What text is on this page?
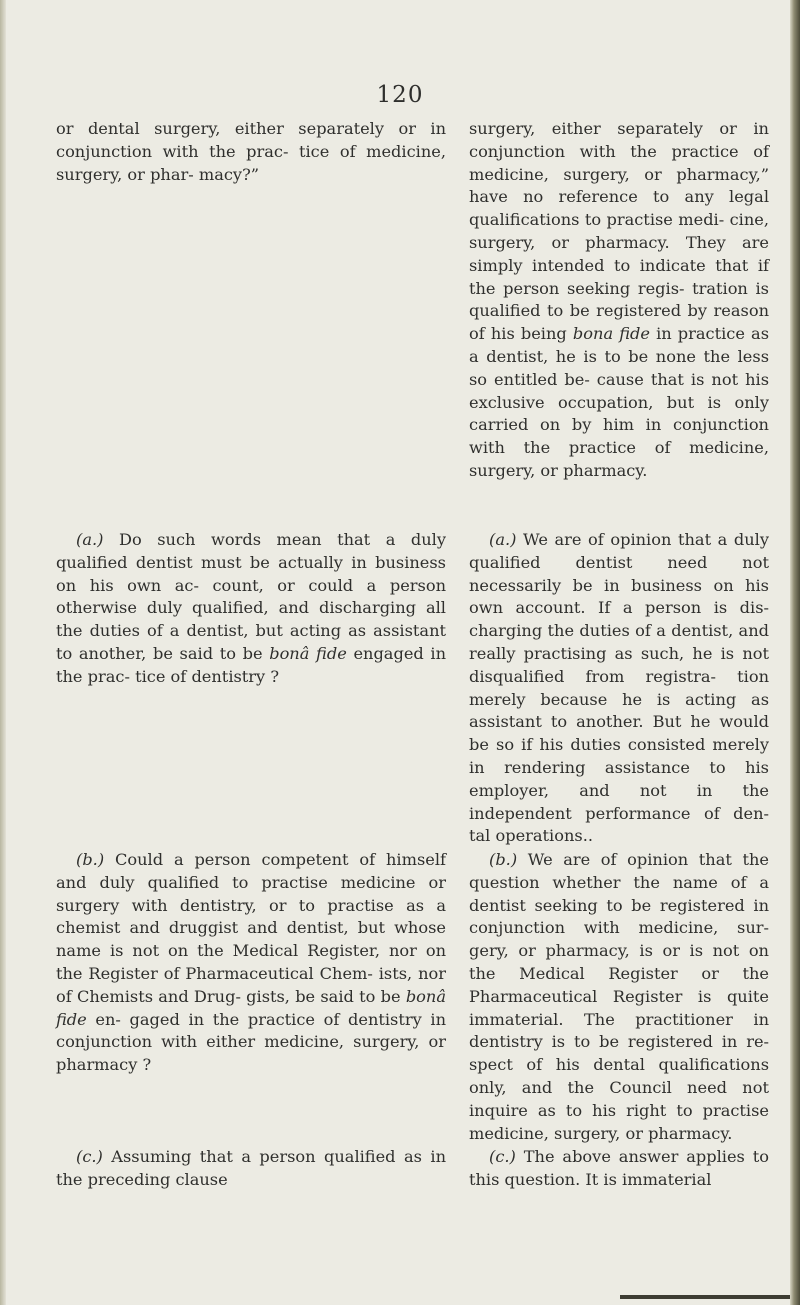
120

or dental surgery, either separately or in conjunction with the prac- tice of medicine, surgery, or phar- macy?”

(a.) Do such words mean that a duly qualified dentist must be actually in business on his own ac- count, or could a person otherwise duly qualified, and discharging all the duties of a dentist, but acting as assistant to another, be said to be bonâ fide engaged in the prac- tice of dentistry ?

(b.) Could a person competent of himself and duly qualified to practise medicine or surgery with dentistry, or to practise as a chemist and druggist and dentist, but whose name is not on the Medical Register, nor on the Register of Pharmaceutical Chem- ists, nor of Chemists and Drug- gists, be said to be bonâ fide en- gaged in the practice of dentistry in conjunction with either medicine, surgery, or pharmacy ?

(c.) Assuming that a person qualified as in the preceding clause

surgery, either separately or in conjunction with the practice of medicine, surgery, or pharmacy,” have no reference to any legal qualifications to practise medi- cine, surgery, or pharmacy. They are simply intended to indicate that if the person seeking regis- tration is qualified to be registered by reason of his being bona fide in practice as a dentist, he is to be none the less so entitled be- cause that is not his exclusive occupation, but is only carried on by him in conjunction with the practice of medicine, surgery, or pharmacy.

(a.) We are of opinion that a duly qualified dentist need not necessarily be in business on his own account. If a person is dis- charging the duties of a dentist, and really practising as such, he is not disqualified from registra- tion merely because he is acting as assistant to another. But he would be so if his duties consisted merely in rendering assistance to his employer, and not in the independent performance of den- tal operations..

(b.) We are of opinion that the question whether the name of a dentist seeking to be registered in conjunction with medicine, sur- gery, or pharmacy, is or is not on the Medical Register or the Pharmaceutical Register is quite immaterial. The practitioner in dentistry is to be registered in re- spect of his dental qualifications only, and the Council need not inquire as to his right to practise medicine, surgery, or pharmacy.

(c.) The above answer applies to this question. It is immaterial
